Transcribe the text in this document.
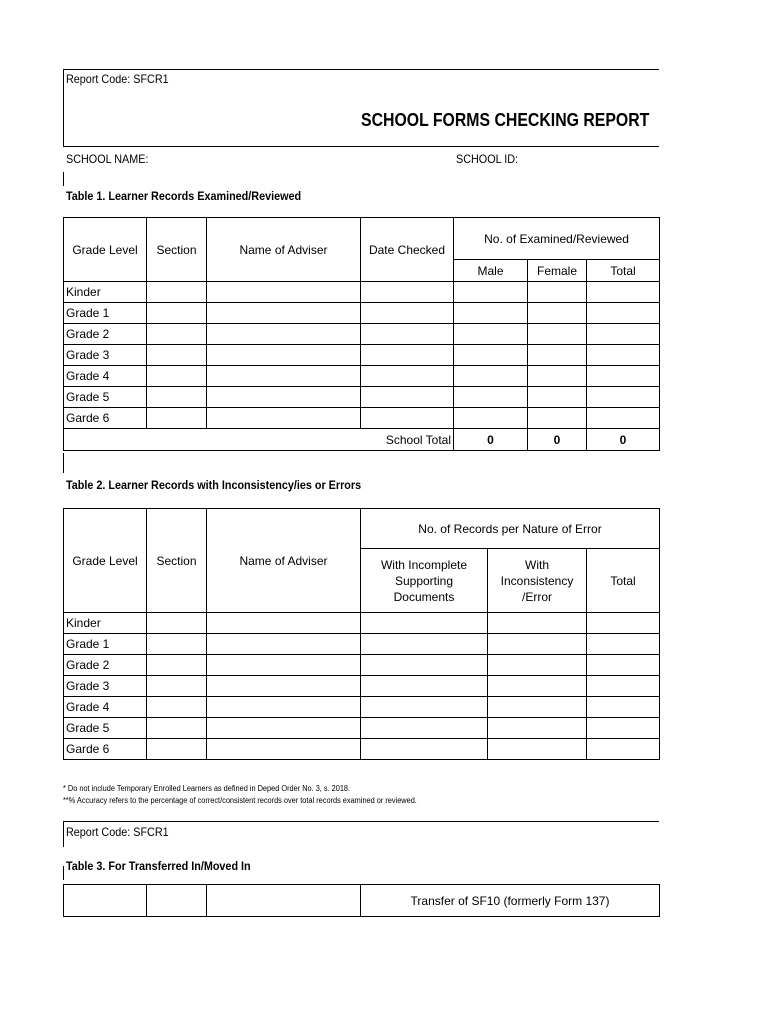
Report Code: SFCR1
SCHOOL FORMS CHECKING REPORT
SCHOOL NAME:	SCHOOL ID:
Table 1. Learner Records Examined/Reviewed
Grade Level	Section	Name of Adviser	Date Checked	No. of Examined/Reviewed		
				Male	Female	Total
Kinder						
Grade 1						
Grade 2						
Grade 3						
Grade 4						
Grade 5						
Garde 6						
School Total				0	0	0
Table 2. Learner Records with Inconsistency/ies or Errors
Grade Level	Section	Name of Adviser	No. of Records per Nature of Error		
			With Incomplete Supporting Documents	With Inconsistency /Error	Total
Kinder					
Grade 1					
Grade 2					
Grade 3					
Grade 4					
Grade 5					
Garde 6					
* Do not include Temporary Enrolled Learners as defined in Deped Order No. 3, s. 2018.
**% Accuracy refers to the percentage of correct/consistent records over total records examined or reviewed.
Report Code: SFCR1
Table 3. For Transferred In/Moved In
			Transfer of SF10 (formerly Form 137)
